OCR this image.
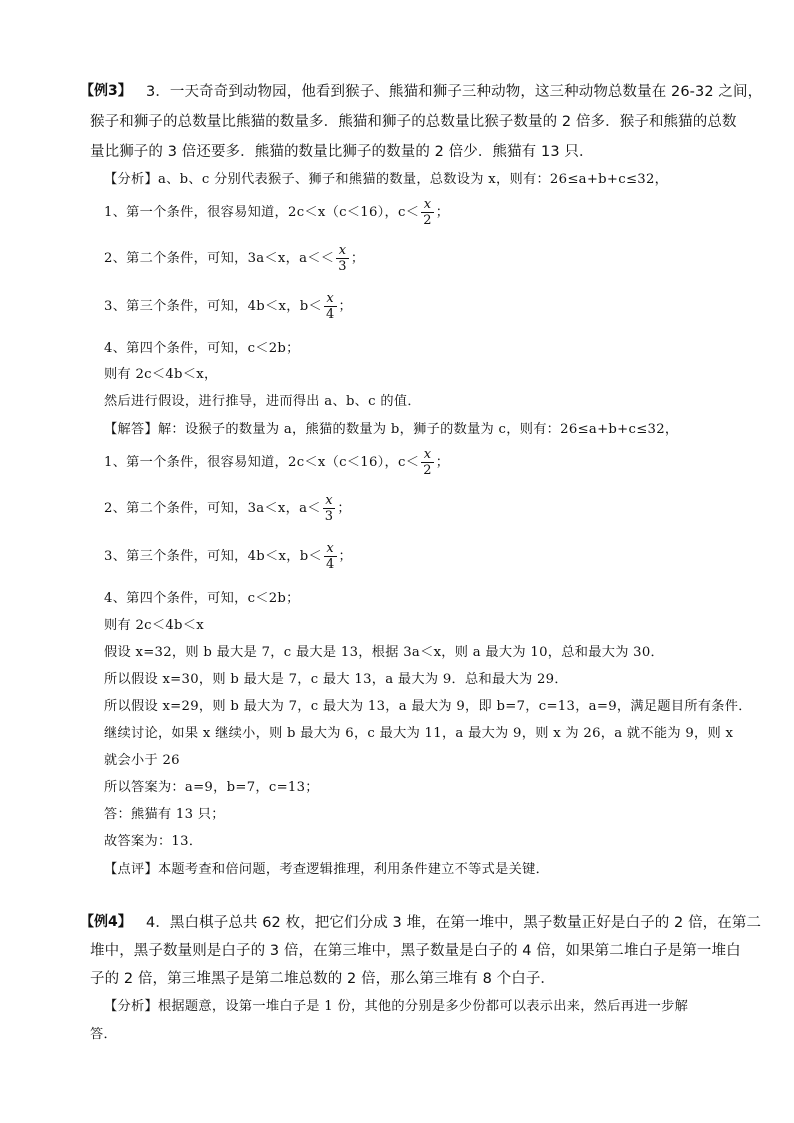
【例3】 3．一天奇奇到动物园，他看到猴子、熊猫和狮子三种动物，这三种动物总数量在 26-32 之间，
猴子和狮子的总数量比熊猫的数量多．熊猫和狮子的总数量比猴子数量的 2 倍多．猴子和熊猫的总数
量比狮子的 3 倍还要多．熊猫的数量比狮子的数量的 2 倍少．熊猫有 13 只．
【分析】a、b、c 分别代表猴子、狮子和熊猫的数量，总数设为 x，则有：26≤a+b+c≤32，
1、第一个条件，很容易知道，2c＜x（c＜16），$c< \frac{x}{2}$ ；
2、第二个条件，可知，3a＜x，$a<< \frac{x}{3}$ ；
3、第三个条件，可知，4b＜x，$b< \frac{x}{4}$ ；
4、第四个条件，可知，c＜2b；
则有 2c＜4b＜x，
然后进行假设，进行推导，进而得出 a、b、c 的值．
【解答】解：设猴子的数量为 a，熊猫的数量为 b，狮子的数量为 c，则有：26≤a+b+c≤32，
1、第一个条件，很容易知道，2c＜x（c＜16），$c< \frac{x}{2}$ ；
2、第二个条件，可知，3a＜x，$a< \frac{x}{3}$ ；
3、第三个条件，可知，4b＜x，$b< \frac{x}{4}$ ；
4、第四个条件，可知，c＜2b；
则有 2c＜4b＜x
假设 x=32，则 b 最大是 7，c 最大是 13，根据 3a＜x，则 a 最大为 10，总和最大为 30．
所以假设 x=30，则 b 最大是 7，c 最大 13，a 最大为 9．总和最大为 29．
所以假设 x=29，则 b 最大为 7，c 最大为 13，a 最大为 9，即 b=7，c=13，a=9，满足题目所有条件．
继续讨论，如果 x 继续小，则 b 最大为 6，c 最大为 11，a 最大为 9，则 x 为 26，a 就不能为 9，则 x
就会小于 26
所以答案为：a=9，b=7，c=13；
答：熊猫有 13 只；
故答案为：13．
【点评】本题考查和倍问题，考查逻辑推理，利用条件建立不等式是关键．
【例4】 4．黑白棋子总共 62 枚，把它们分成 3 堆，在第一堆中，黑子数量正好是白子的 2 倍，在第二
堆中，黑子数量则是白子的 3 倍，在第三堆中，黑子数量是白子的 4 倍，如果第二堆白子是第一堆白
子的 2 倍，第三堆黑子是第二堆总数的 2 倍，那么第三堆有 8 个白子．
【分析】根据题意，设第一堆白子是 1 份，其他的分别是多少份都可以表示出来，然后再进一步解
答．
